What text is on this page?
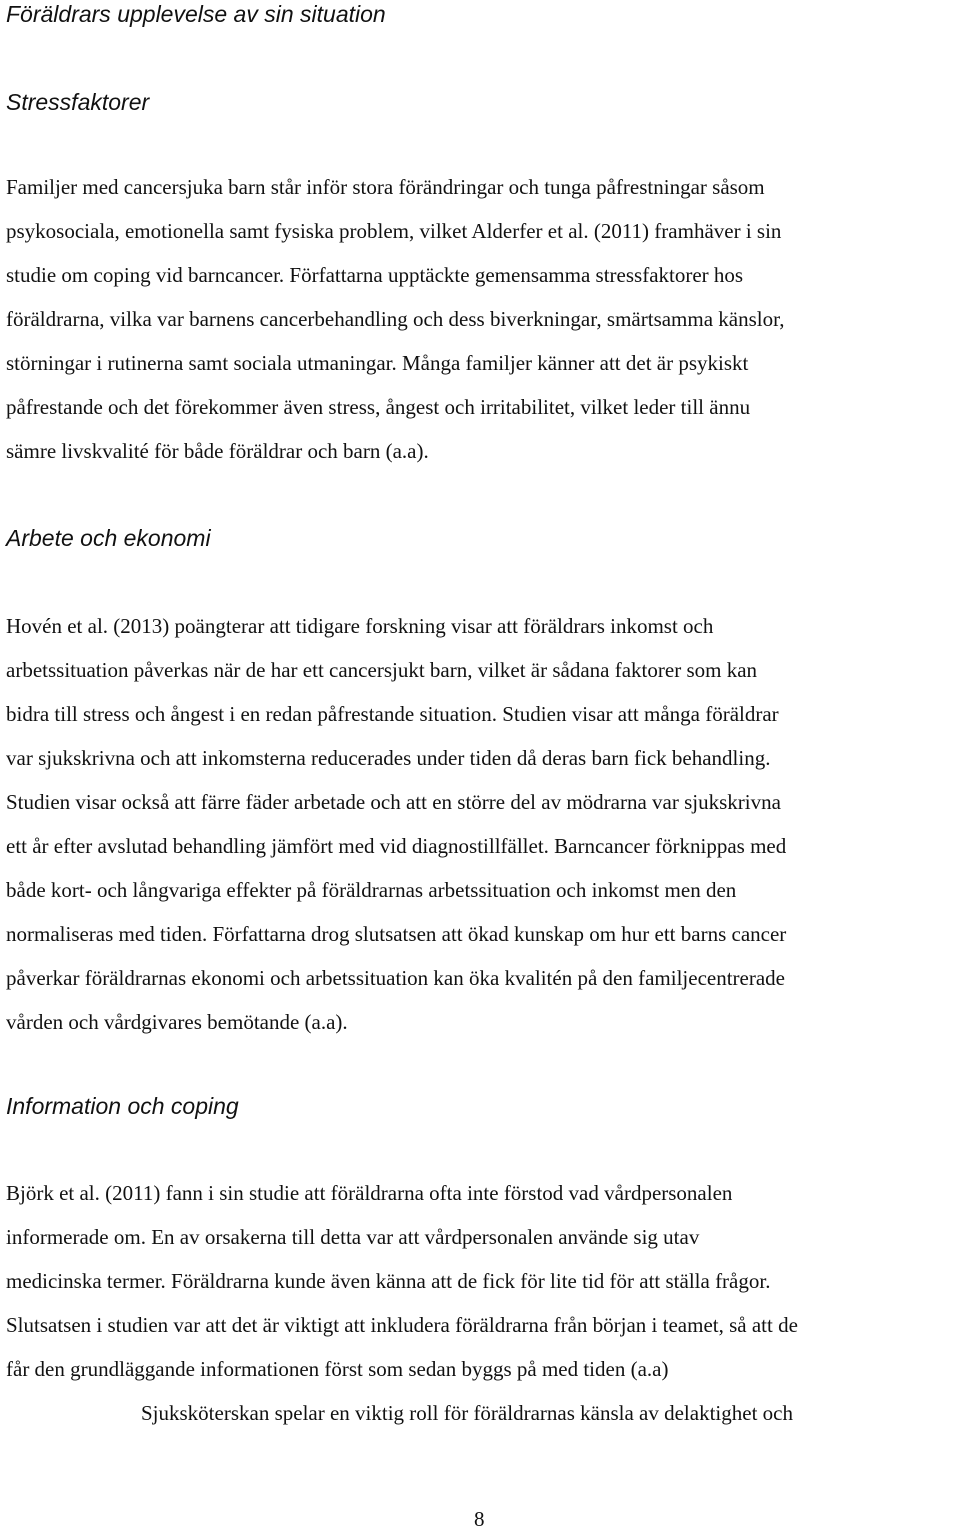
Föräldrars upplevelse av sin situation
Stressfaktorer
Familjer med cancersjuka barn står inför stora förändringar och tunga påfrestningar såsom
psykosociala, emotionella samt fysiska problem, vilket Alderfer et al. (2011) framhäver i sin
studie om coping vid barncancer. Författarna upptäckte gemensamma stressfaktorer hos
föräldrarna, vilka var barnens cancerbehandling och dess biverkningar, smärtsamma känslor,
störningar i rutinerna samt sociala utmaningar. Många familjer känner att det är psykiskt
påfrestande och det förekommer även stress, ångest och irritabilitet, vilket leder till ännu
sämre livskvalité för både föräldrar och barn (a.a).
Arbete och ekonomi
Hovén et al. (2013) poängterar att tidigare forskning visar att föräldrars inkomst och
arbetssituation påverkas när de har ett cancersjukt barn, vilket är sådana faktorer som kan
bidra till stress och ångest i en redan påfrestande situation. Studien visar att många föräldrar
var sjukskrivna och att inkomsterna reducerades under tiden då deras barn fick behandling.
Studien visar också att färre fäder arbetade och att en större del av mödrarna var sjukskrivna
ett år efter avslutad behandling jämfört med vid diagnostillfället. Barncancer förknippas med
både kort- och långvariga effekter på föräldrarnas arbetssituation och inkomst men den
normaliseras med tiden. Författarna drog slutsatsen att ökad kunskap om hur ett barns cancer
påverkar föräldrarnas ekonomi och arbetssituation kan öka kvalitén på den familjecentrerade
vården och vårdgivares bemötande (a.a).
Information och coping
Björk et al. (2011) fann i sin studie att föräldrarna ofta inte förstod vad vårdpersonalen
informerade om. En av orsakerna till detta var att vårdpersonalen använde sig utav
medicinska termer. Föräldrarna kunde även känna att de fick för lite tid för att ställa frågor.
Slutsatsen i studien var att det är viktigt att inkludera föräldrarna från början i teamet, så att de
får den grundläggande informationen först som sedan byggs på med tiden (a.a)
Sjuksköterskan spelar en viktig roll för föräldrarnas känsla av delaktighet och
8
